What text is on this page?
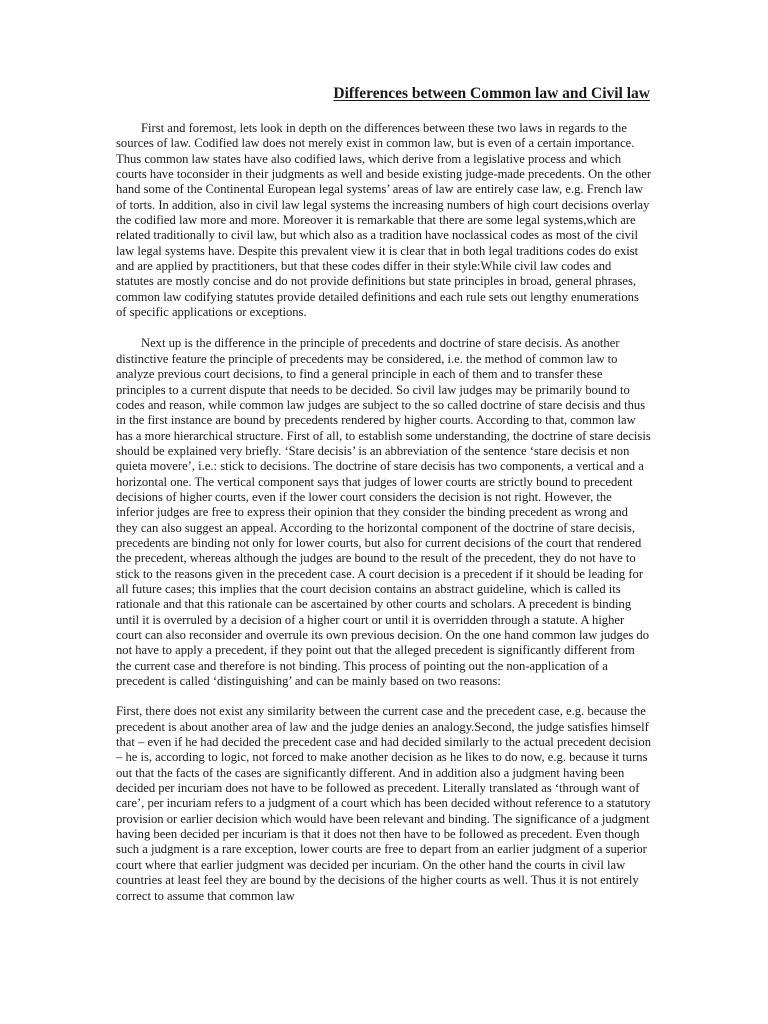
Differences between Common law and Civil law

First and foremost, lets look in depth on the differences between these two laws in regards to the sources of law. Codified law does not merely exist in common law, but is even of a certain importance. Thus common law states have also codified laws, which derive from a legislative process and which courts have toconsider in their judgments as well and beside existing judge-made precedents. On the other hand some of the Continental European legal systems’ areas of law are entirely case law, e.g. French law of torts. In addition, also in civil law legal systems the increasing numbers of high court decisions overlay the codified law more and more. Moreover it is remarkable that there are some legal systems,which are related traditionally to civil law, but which also as a tradition have noclassical codes as most of the civil law legal systems have. Despite this prevalent view it is clear that in both legal traditions codes do exist and are applied by practitioners, but that these codes differ in their style:While civil law codes and statutes are mostly concise and do not provide definitions but state principles in broad, general phrases, common law codifying statutes provide detailed definitions and each rule sets out lengthy enumerations of specific applications or exceptions.

Next up is the difference in the principle of precedents and doctrine of stare decisis. As another distinctive feature the principle of precedents may be considered, i.e. the method of common law to analyze previous court decisions, to find a general principle in each of them and to transfer these principles to a current dispute that needs to be decided. So civil law judges may be primarily bound to codes and reason, while common law judges are subject to the so called doctrine of stare decisis and thus in the first instance are bound by precedents rendered by higher courts. According to that, common law has a more hierarchical structure. First of all, to establish some understanding, the doctrine of stare decisis should be explained very briefly. ‘Stare decisis’ is an abbreviation of the sentence ‘stare decisis et non quieta movere’, i.e.: stick to decisions. The doctrine of stare decisis has two components, a vertical and a horizontal one. The vertical component says that judges of lower courts are strictly bound to precedent decisions of higher courts, even if the lower court considers the decision is not right. However, the inferior judges are free to express their opinion that they consider the binding precedent as wrong and they can also suggest an appeal. According to the horizontal component of the doctrine of stare decisis, precedents are binding not only for lower courts, but also for current decisions of the court that rendered the precedent, whereas although the judges are bound to the result of the precedent, they do not have to stick to the reasons given in the precedent case. A court decision is a precedent if it should be leading for all future cases; this implies that the court decision contains an abstract guideline, which is called its rationale and that this rationale can be ascertained by other courts and scholars. A precedent is binding until it is overruled by a decision of a higher court or until it is overridden through a statute. A higher court can also reconsider and overrule its own previous decision. On the one hand common law judges do not have to apply a precedent, if they point out that the alleged precedent is significantly different from the current case and therefore is not binding. This process of pointing out the non-application of a precedent is called ‘distinguishing’ and can be mainly based on two reasons:

First, there does not exist any similarity between the current case and the precedent case, e.g. because the precedent is about another area of law and the judge denies an analogy.Second, the judge satisfies himself that – even if he had decided the precedent case and had decided similarly to the actual precedent decision – he is, according to logic, not forced to make another decision as he likes to do now, e.g. because it turns out that the facts of the cases are significantly different. And in addition also a judgment having been decided per incuriam does not have to be followed as precedent. Literally translated as ‘through want of care’, per incuriam refers to a judgment of a court which has been decided without reference to a statutory provision or earlier decision which would have been relevant and binding. The significance of a judgment having been decided per incuriam is that it does not then have to be followed as precedent. Even though such a judgment is a rare exception, lower courts are free to depart from an earlier judgment of a superior court where that earlier judgment was decided per incuriam. On the other hand the courts in civil law countries at least feel they are bound by the decisions of the higher courts as well. Thus it is not entirely correct to assume that common law
